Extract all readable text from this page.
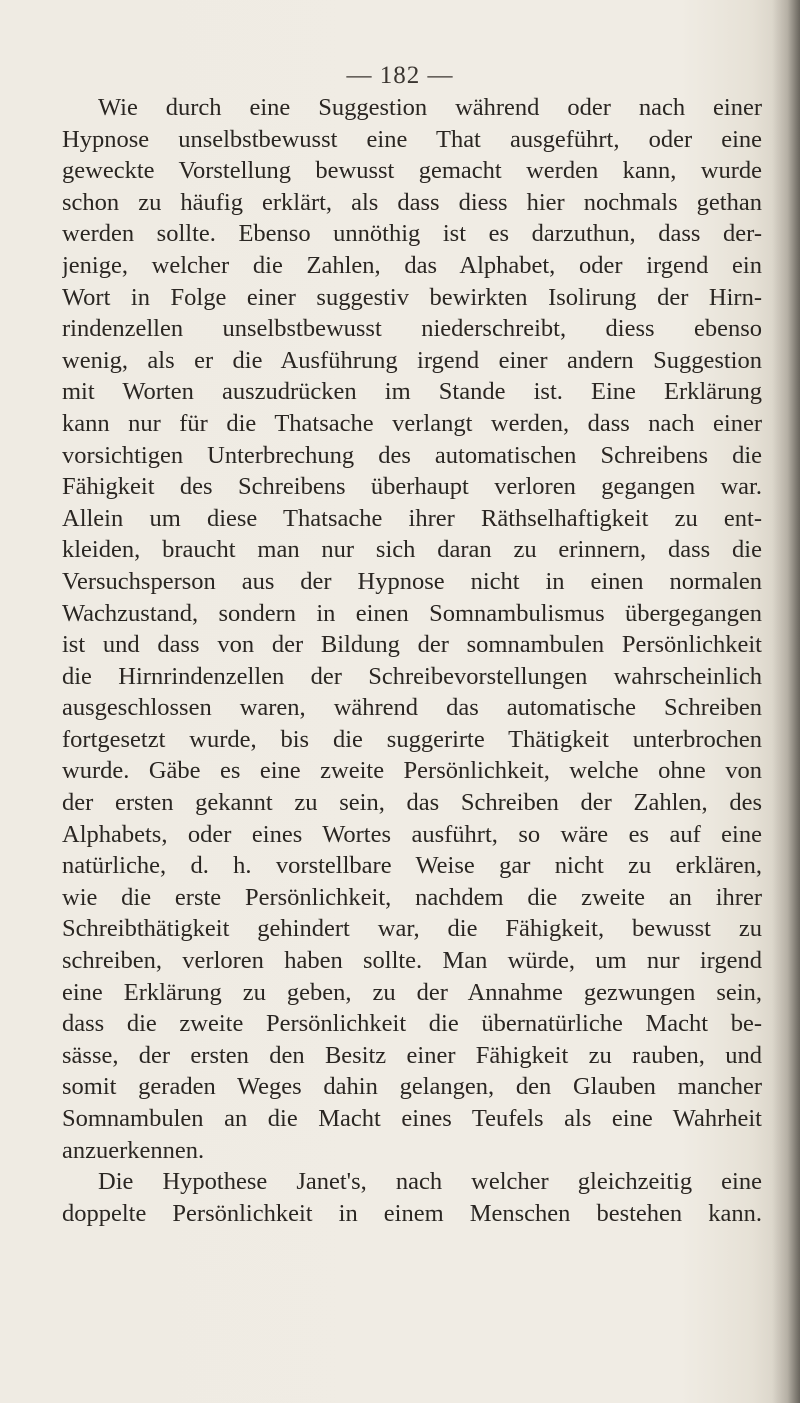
— 182 —
Wie durch eine Suggestion während oder nach einer
Hypnose unselbstbewusst eine That ausgeführt, oder eine
geweckte Vorstellung bewusst gemacht werden kann, wurde
schon zu häufig erklärt, als dass diess hier nochmals gethan
werden sollte. Ebenso unnöthig ist es darzuthun, dass der-
jenige, welcher die Zahlen, das Alphabet, oder irgend ein
Wort in Folge einer suggestiv bewirkten Isolirung der Hirn-
rindenzellen unselbstbewusst niederschreibt, diess ebenso
wenig, als er die Ausführung irgend einer andern Suggestion
mit Worten auszudrücken im Stande ist. Eine Erklärung
kann nur für die Thatsache verlangt werden, dass nach einer
vorsichtigen Unterbrechung des automatischen Schreibens die
Fähigkeit des Schreibens überhaupt verloren gegangen war.
Allein um diese Thatsache ihrer Räthselhaftigkeit zu ent-
kleiden, braucht man nur sich daran zu erinnern, dass die
Versuchsperson aus der Hypnose nicht in einen normalen
Wachzustand, sondern in einen Somnambulismus übergegangen
ist und dass von der Bildung der somnambulen Persönlichkeit
die Hirnrindenzellen der Schreibevorstellungen wahrscheinlich
ausgeschlossen waren, während das automatische Schreiben
fortgesetzt wurde, bis die suggerirte Thätigkeit unterbrochen
wurde. Gäbe es eine zweite Persönlichkeit, welche ohne von
der ersten gekannt zu sein, das Schreiben der Zahlen, des
Alphabets, oder eines Wortes ausführt, so wäre es auf eine
natürliche, d. h. vorstellbare Weise gar nicht zu erklären,
wie die erste Persönlichkeit, nachdem die zweite an ihrer
Schreibthätigkeit gehindert war, die Fähigkeit, bewusst zu
schreiben, verloren haben sollte. Man würde, um nur irgend
eine Erklärung zu geben, zu der Annahme gezwungen sein,
dass die zweite Persönlichkeit die übernatürliche Macht be-
sässe, der ersten den Besitz einer Fähigkeit zu rauben, und
somit geraden Weges dahin gelangen, den Glauben mancher
Somnambulen an die Macht eines Teufels als eine Wahrheit
anzuerkennen.
Die Hypothese Janet's, nach welcher gleichzeitig eine
doppelte Persönlichkeit in einem Menschen bestehen kann.
